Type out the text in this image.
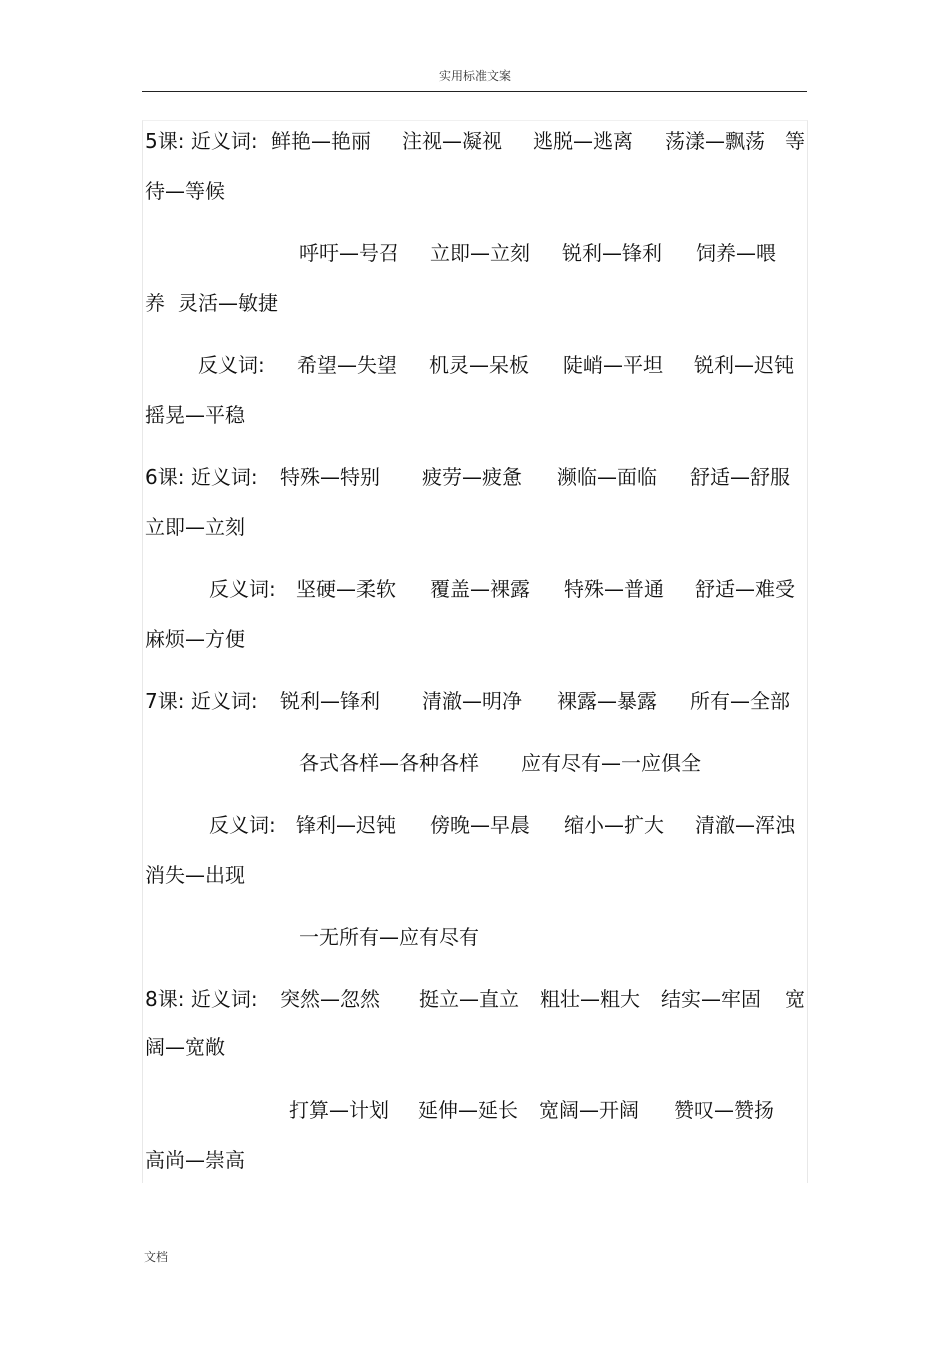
实用标准文案
5课: 近义词: 鲜艳—艳丽 注视—凝视 逃脱—逃离 荡漾—飘荡 等
待—等候
呼吁—号召 立即—立刻 锐利—锋利 饲养—喂
养 灵活—敏捷
反义词: 希望—失望 机灵—呆板 陡峭—平坦 锐利—迟钝
摇晃—平稳
6课: 近义词: 特殊—特别 疲劳—疲惫 濒临—面临 舒适—舒服
立即—立刻
反义词: 坚硬—柔软 覆盖—裸露 特殊—普通 舒适—难受
麻烦—方便
7课: 近义词: 锐利—锋利 清澈—明净 裸露—暴露 所有—全部
各式各样—各种各样 应有尽有—一应俱全
反义词: 锋利—迟钝 傍晚—早晨 缩小—扩大 清澈—浑浊
消失—出现
一无所有—应有尽有
8课: 近义词: 突然—忽然 挺立—直立 粗壮—粗大 结实—牢固 宽
阔—宽敞
打算—计划 延伸—延长 宽阔—开阔 赞叹—赞扬
高尚—崇高
文档
